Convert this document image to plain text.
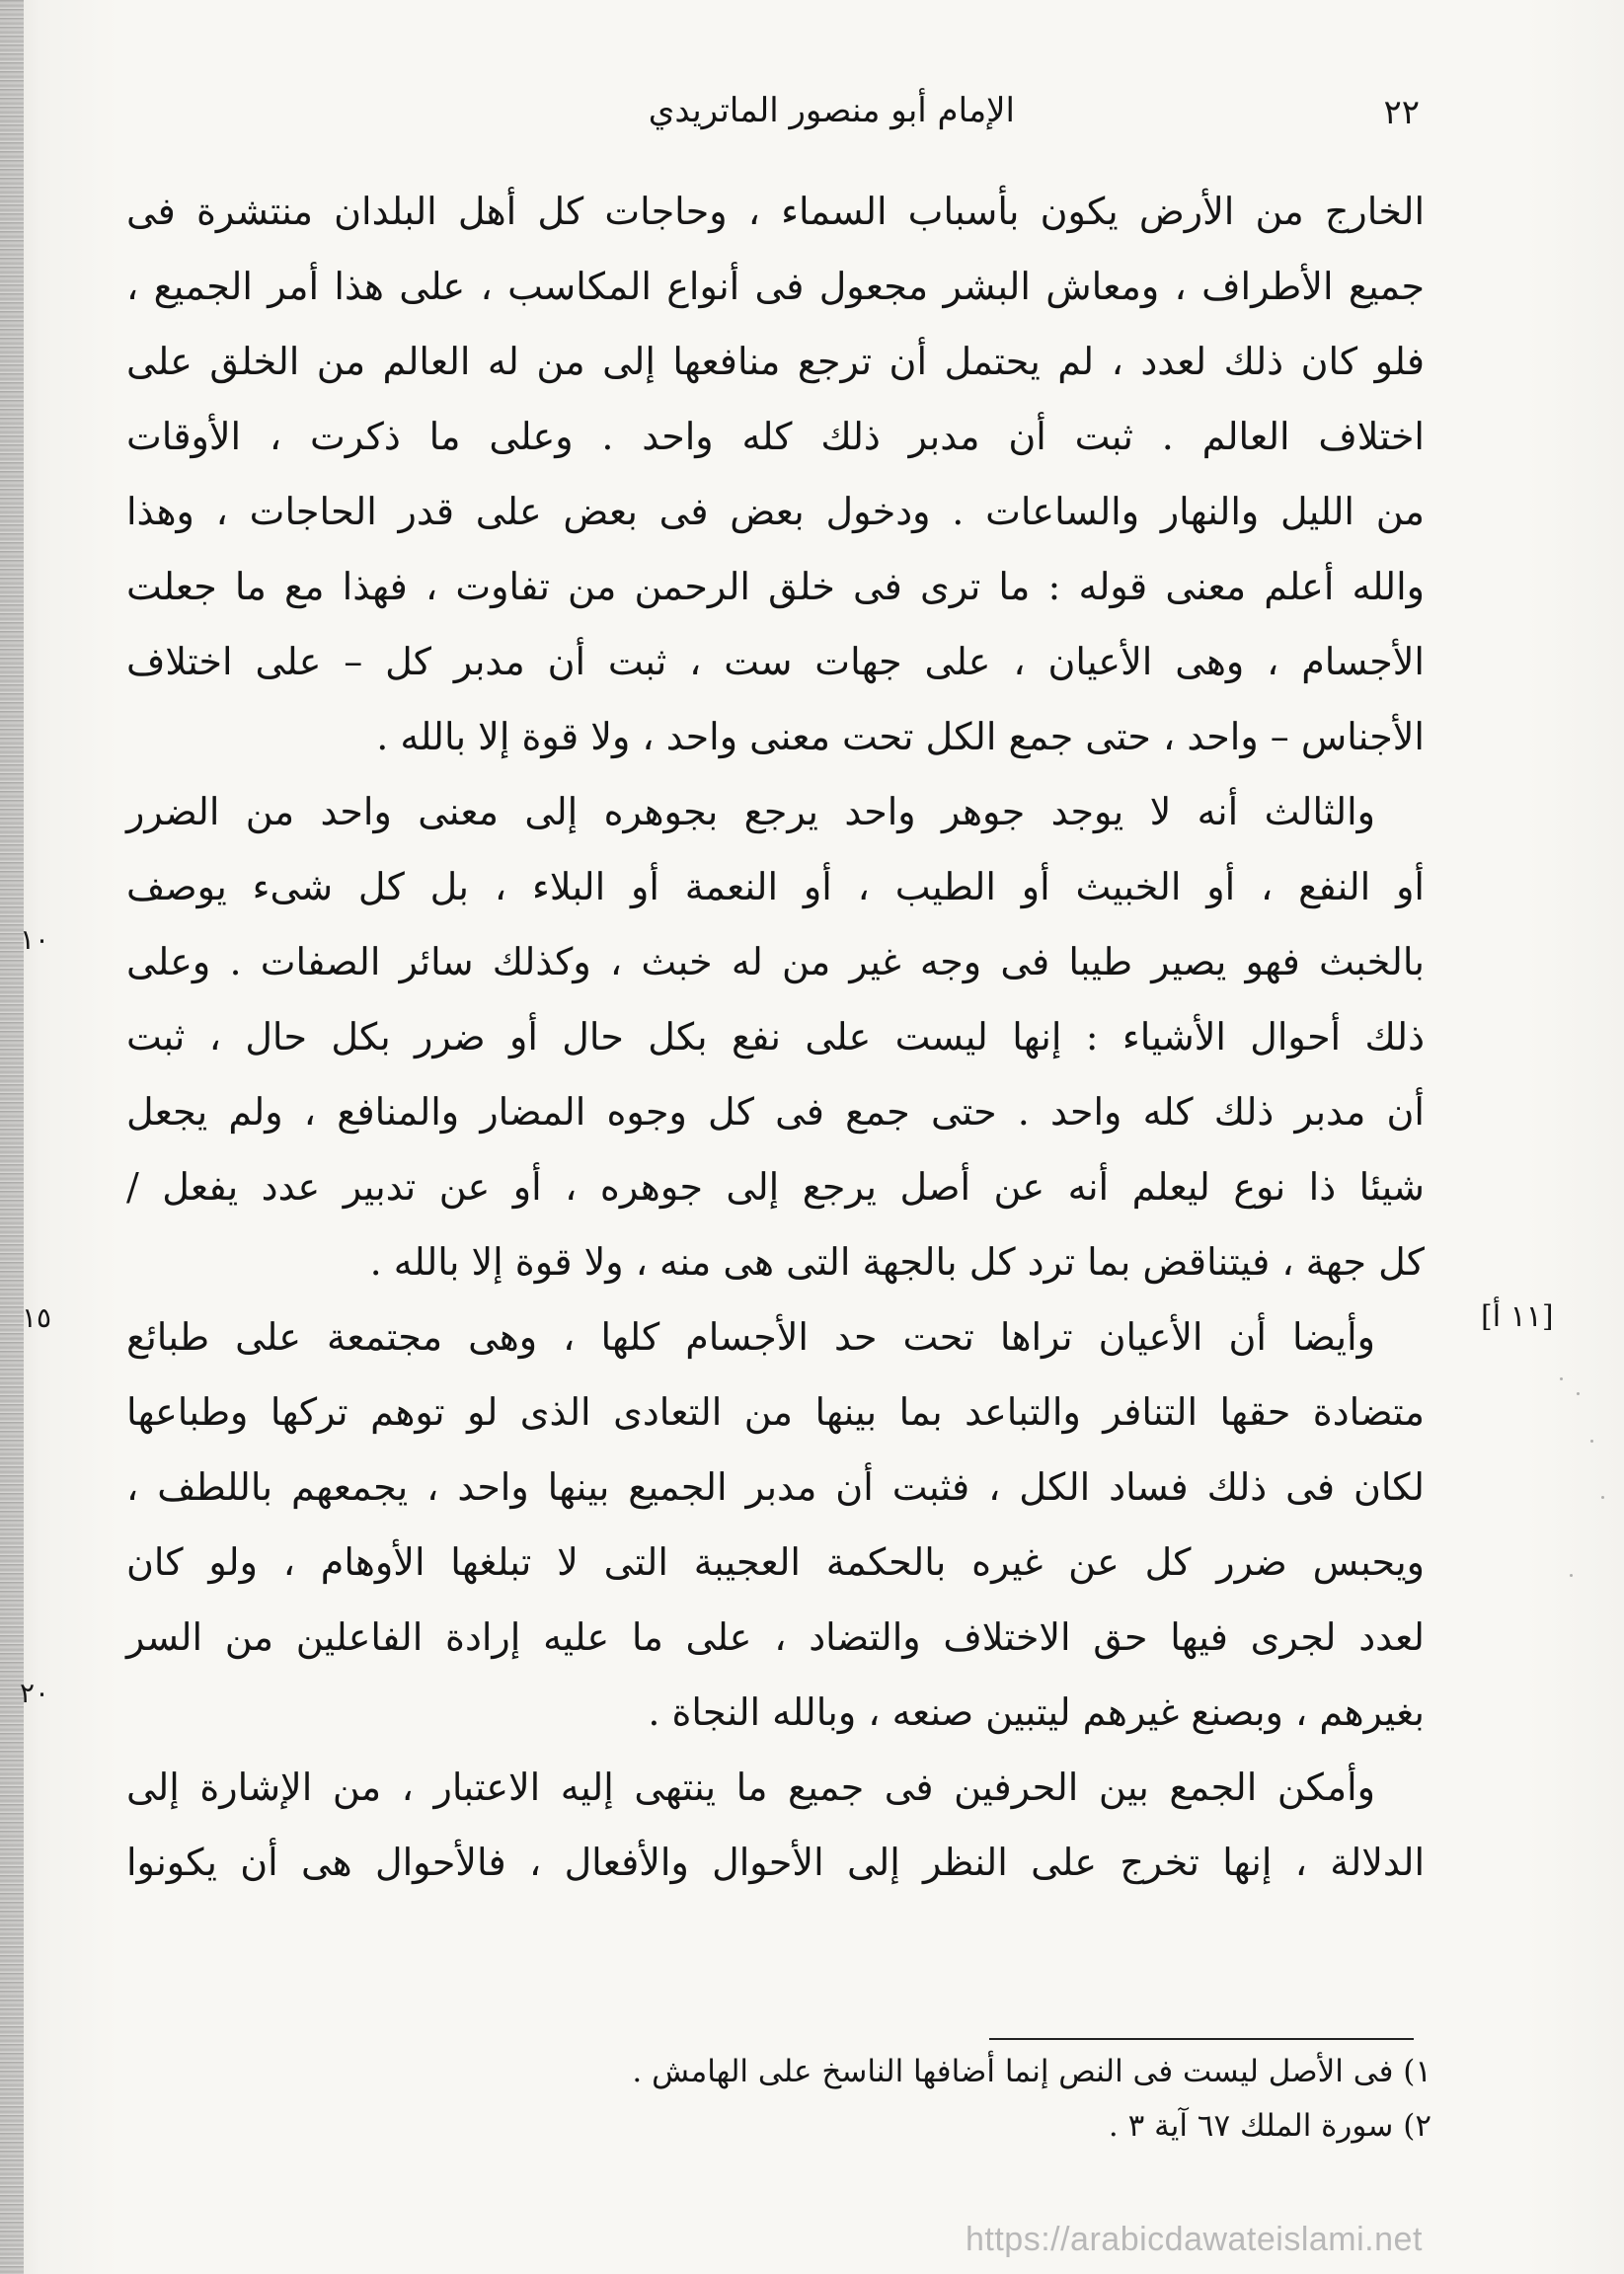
٢٢
الإمام أبو منصور الماتريدي
الخارج من الأرض يكون بأسباب السماء ، وحاجات كل أهل البلدان منتشرة فى
جميع الأطراف ، ومعاش البشر مجعول فى أنواع المكاسب ، على هذا أمر الجميع ،
فلو كان ذلك لعدد ، لم يحتمل أن ترجع منافعها إلى من له العالم من الخلق على
اختلاف العالم . ثبت أن مدبر ذلك كله واحد . وعلى ما ذكرت ، الأوقات
من الليل والنهار والساعات . ودخول بعض فى بعض على قدر الحاجات ، وهذا
والله أعلم معنى قوله : ما ترى فى خلق الرحمن من تفاوت ، فهذا مع ما جعلت
الأجسام ، وهى الأعيان ، على جهات ست ، ثبت أن مدبر كل – على اختلاف
الأجناس – واحد ، حتى جمع الكل تحت معنى واحد ، ولا قوة إلا بالله .
والثالث أنه لا يوجد جوهر واحد يرجع بجوهره إلى معنى واحد من الضرر
أو النفع ، أو الخبيث أو الطيب ، أو النعمة أو البلاء ، بل كل شىء يوصف
بالخبث فهو يصير طيبا فى وجه غير من له خبث ، وكذلك سائر الصفات . وعلى
ذلك أحوال الأشياء : إنها ليست على نفع بكل حال أو ضرر بكل حال ، ثبت
أن مدبر ذلك كله واحد . حتى جمع فى كل وجوه المضار والمنافع ، ولم يجعل
شيئا ذا نوع ليعلم أنه عن أصل يرجع إلى جوهره ، أو عن تدبير عدد يفعل /
كل جهة ، فيتناقض بما ترد كل بالجهة التى هى منه ، ولا قوة إلا بالله .
وأيضا أن الأعيان تراها تحت حد الأجسام كلها ، وهى مجتمعة على طبائع
متضادة حقها التنافر والتباعد بما بينها من التعادى الذى لو توهم تركها وطباعها
لكان فى ذلك فساد الكل ، فثبت أن مدبر الجميع بينها واحد ، يجمعهم باللطف ،
ويحبس ضرر كل عن غيره بالحكمة العجيبة التى لا تبلغها الأوهام ، ولو كان
لعدد لجرى فيها حق الاختلاف والتضاد ، على ما عليه إرادة الفاعلين من السر
بغيرهم ، وبصنع غيرهم ليتبين صنعه ، وبالله النجاة .
وأمكن الجمع بين الحرفين فى جميع ما ينتهى إليه الاعتبار ، من الإشارة إلى
الدلالة ، إنها تخرج على النظر إلى الأحوال والأفعال ، فالأحوال هى أن يكونوا
١٠
١٥
٢٠
[١١ أ]
١) فى الأصل ليست فى النص إنما أضافها الناسخ على الهامش .
٢) سورة الملك ٦٧ آية ٣ .
https://arabicdawateislami.net
